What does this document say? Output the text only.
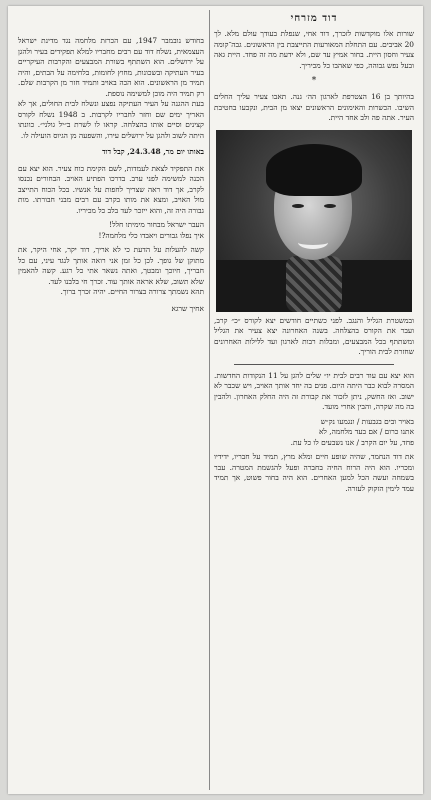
דוד מזרחי

שורות אלו מוקדשות לזכרך, דוד אחי, שנפלת בעודך עולם מלא. לך 20 אביבים. עם התחלת המאורעות התייצבת בין הראשונים. גבה־קומה צעיר וחסון היית. בחור אמיץ עד שם, ולא ידעת מה זה פחד. היית גאה ובעל נפש גבוהה, כפי שאהבו כל מכיריך.

*

בהיותך בן 16 הצטרפת לארגון הה׳ גנה. תאבו צעיר עליך החלים השיבו. הכשרות והאימונים הראשונים יצאו מן הבית, ונקבעו בחטיבת העיר. אתה פה ולב אחד היית.

ובמשטרת הגליל והנגב. לפני כשתיים חודשים יצא לקורס ״כ״ קרב, ועבר את הקורס בהצלחה. בשנה האחרונה יצא צעיר את הגליל ומשתתף בכל המבצעים, ומבלות רבות לארגון ועד ללילות האחרונים שחזרת לבית הוריך.

הוא יצא עם עוד רבים לבית יו״ שלים להגן על 11 הנקודות החדשות. המסרה לבוא כבר היתה היום. פנים בה יחד אותך האויב, ויש שכבר לא ישוב. ואז החשק, ניתן לזכור את קבורת זה היה החלק האחרון. ולהבין בה מה שקרה, והבין אחרי מועד.

באויר ובים בגבעות / ונגמעו נק״ש
אתנו כרום / אם בעד מלחמה, לא
פחד, על יום הקרב / אנו נשבעים לו כל עת.

את דוד הנחמד, שהיה שופע חיים ומלא מרץ, תמיד על חבריו, ידידיו ומכריו. הוא היה הרוח החיה בחברה ופעל להגשמת המטרה. עבר בשמחה ועשה הכל למען האחרים. הוא היה בחור פשוט, אך תמיד עמד לימין הזקוק לעזרה.

בחודש נובמבר 1947, עם הכרזת מלחמה נגד מדינת ישראל העצמאית, נשלח דוד עם רבים מחבריו למלא תפקידים בעיר ולהגן על ירושלים. הוא השתתף בשורת המבצעים והקרבות העיקריים בעיר העתיקה ובשכונות, מחוץ לחומות, בלחימה על הבתים, והיה תמיד מן הראשונים. הוא הכה באויב ותמיד חזר מן הקרבות שלם. רק תמיד היה מוכן למשימה נוספת.

בעת ההגנה על העיר העתיקה נפצע ונשלח לבית החולים, אך לא האריך ימים שם וחזר לחבריו לקרבות. ב 1948 נשלח לקורס קצינים וסיים אותו בהצלחה. קראו לו לשרת ב״יל גולני״. כוונתו היתה לשוב ולהגן על ירושלים עירו, והשפעה מן הגיוס הועילה לו.

באותו יום מר, 24.3.48, קבל דוד

את התפקיד לצאת לעמדות, לשם הקימת כוח צעיר. הוא יצא עם הכנה למשימה לפני ערב. בדרכו הפתיע האויב. הבחורים נכנסו לקרב, אך דוד ראה שצריך לחפות על אנשיו. בכל הכוח התייצב מול האויב, ומצא את מותו בקרב עם רבים מבני חבורתו. מות גבורה היה זה, והוא ייזכר לעד בלב כל מכיריו.

העבר ישראל מבחור מימיתו חלל!
איך נפלו גבורים ויאבדו כלי מלחמה?!

קשה להעלות על הדעת כי לא אריך, דוד יקר, אחי היקר, את מתוקן של גופך. לכן כל זמן אני רואה אותך לנגד עיני, עם כל חבריך, חיוכך ומבטך, ואתה נשאר אתי כל רגע. קשה להאמין שלא תשוב, שלא אראה אותך עוד. זכרך חי בלבנו לעד.

תהא נשמתך צרורה בצרור החיים. יהיה זכרך ברוך.

אחיך שרגא
